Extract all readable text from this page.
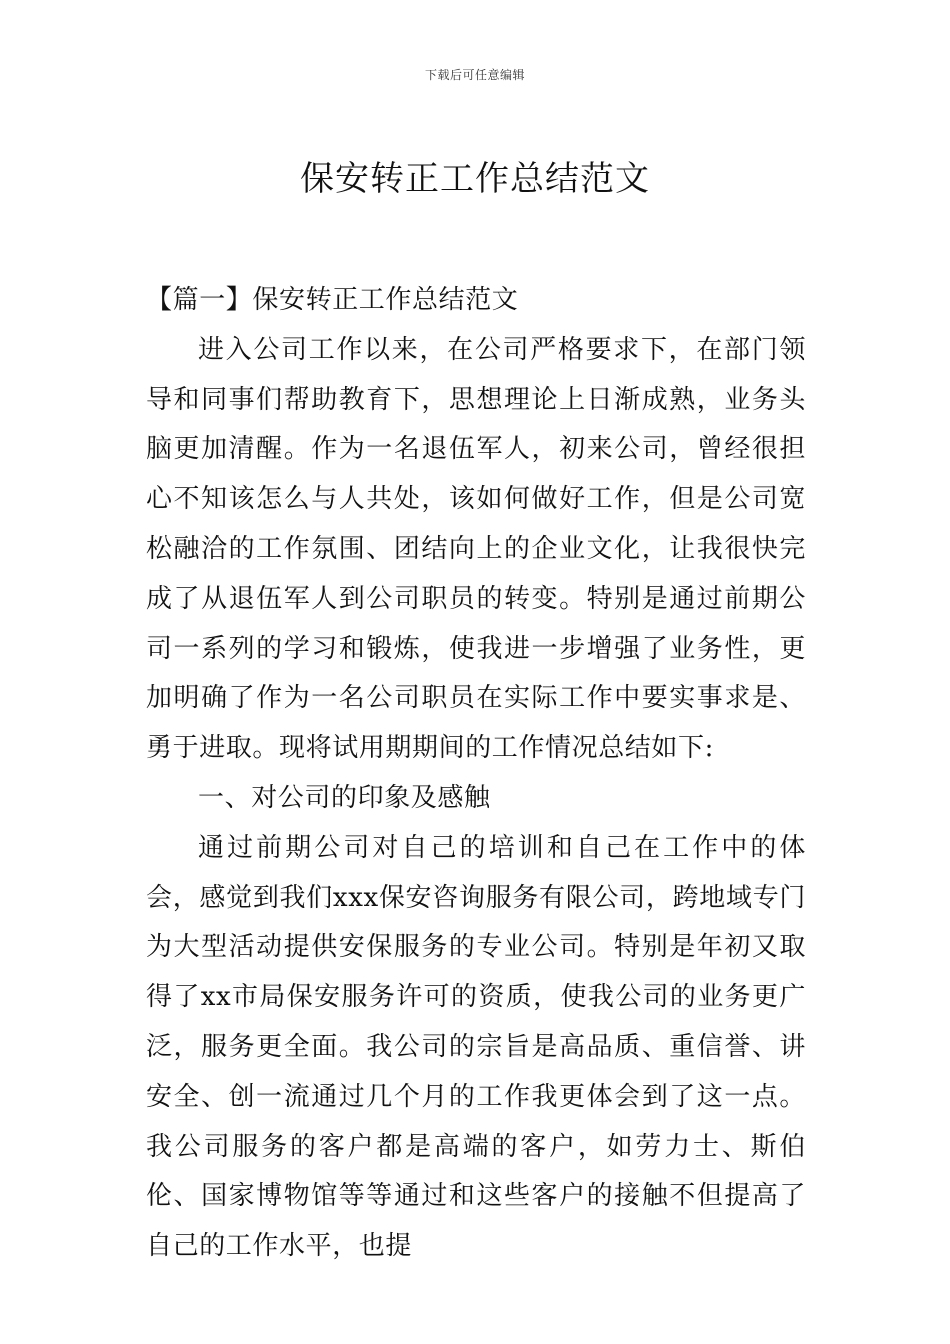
下载后可任意编辑
保安转正工作总结范文

【篇一】保安转正工作总结范文

进入公司工作以来，在公司严格要求下，在部门领导和同事们帮助教育下，思想理论上日渐成熟，业务头脑更加清醒。作为一名退伍军人，初来公司，曾经很担心不知该怎么与人共处，该如何做好工作，但是公司宽松融洽的工作氛围、团结向上的企业文化，让我很快完成了从退伍军人到公司职员的转变。特别是通过前期公司一系列的学习和锻炼，使我进一步增强了业务性，更加明确了作为一名公司职员在实际工作中要实事求是、勇于进取。现将试用期期间的工作情况总结如下:

一、对公司的印象及感触

通过前期公司对自己的培训和自己在工作中的体会，感觉到我们xxx保安咨询服务有限公司，跨地域专门为大型活动提供安保服务的专业公司。特别是年初又取得了xx市局保安服务许可的资质，使我公司的业务更广泛，服务更全面。我公司的宗旨是高品质、重信誉、讲安全、创一流通过几个月的工作我更体会到了这一点。我公司服务的客户都是高端的客户，如劳力士、斯伯伦、国家博物馆等等通过和这些客户的接触不但提高了自己的工作水平，也提
